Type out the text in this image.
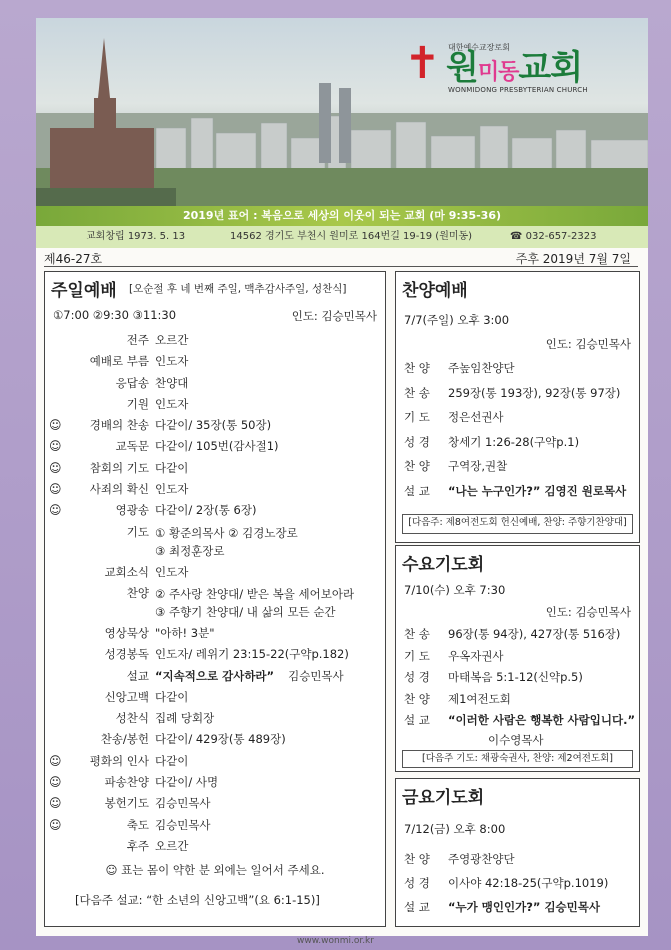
✝ 대한예수교장로회
원미동교회
WONMIDONG PRESBYTERIAN CHURCH
2019년 표어 : 복음으로 세상의 이웃이 되는 교회 (마 9:35-36)
교회창립 1973. 5. 13	14562 경기도 부천시 원미로 164번길 19-19 (원미동)	☎ 032-657-2323
제46-27호	주후 2019년 7월 7일
주일예배 [오순절 후 네 번째 주일, 맥추감사주일, 성찬식]
①7:00 ②9:30 ③11:30	인도: 김승민목사
전주 오르간
예배로 부름 인도자
응답송 찬양대
기원 인도자
☺ 경배의 찬송 다같이/ 35장(통 50장)
☺	교독문 다같이/ 105번(감사절1)
☺ 참회의 기도 다같이
☺ 사죄의 확신 인도자
☺	영광송 다같이/ 2장(통 6장)
기도 ① 황준의목사 ② 김경노장로
③ 최정훈장로
교회소식 인도자
찬양 ② 주사랑 찬양대/ 받은 복을 세어보아라
③ 주향기 찬양대/ 내 삶의 모든 순간
영상묵상 "아하! 3분"
성경봉독 인도자/ 레위기 23:15-22(구약p.182)
설교 “지속적으로 감사하라” 김승민목사
신앙고백 다같이
성찬식 집례 당회장
찬송/봉헌 다같이/ 429장(통 489장)
☺ 평화의 인사 다같이
☺	파송찬양 다같이/ 사명
☺	봉헌기도 김승민목사
☺	축도 김승민목사
후주 오르간
☺ 표는 몸이 약한 분 외에는 일어서 주세요.
[다음주 설교: “한 소년의 신앙고백”(요 6:1-15)]
찬양예배
7/7(주일) 오후 3:00
인도: 김승민목사
찬 양 주높임찬양단
찬 송 259장(통 193장), 92장(통 97장)
기 도 정은선권사
성 경 창세기 1:26-28(구약p.1)
찬 양 구역장,권찰
설 교 “나는 누구인가?” 김영진 원로목사
[다음주: 제8여전도회 헌신예배, 찬양: 주향기찬양대]
수요기도회
7/10(수) 오후 7:30
인도: 김승민목사
찬 송 96장(통 94장), 427장(통 516장)
기 도 우옥자권사
성 경 마태복음 5:1-12(신약p.5)
찬 양 제1여전도회
설 교 “이러한 사람은 행복한 사람입니다.”
이수영목사
[다음주 기도: 채광숙권사, 찬양: 제2여전도회]
금요기도회
7/12(금) 오후 8:00
찬 양 주영광찬양단
성 경 이사야 42:18-25(구약p.1019)
설 교 “누가 맹인인가?” 김승민목사
www.wonmi.or.kr
